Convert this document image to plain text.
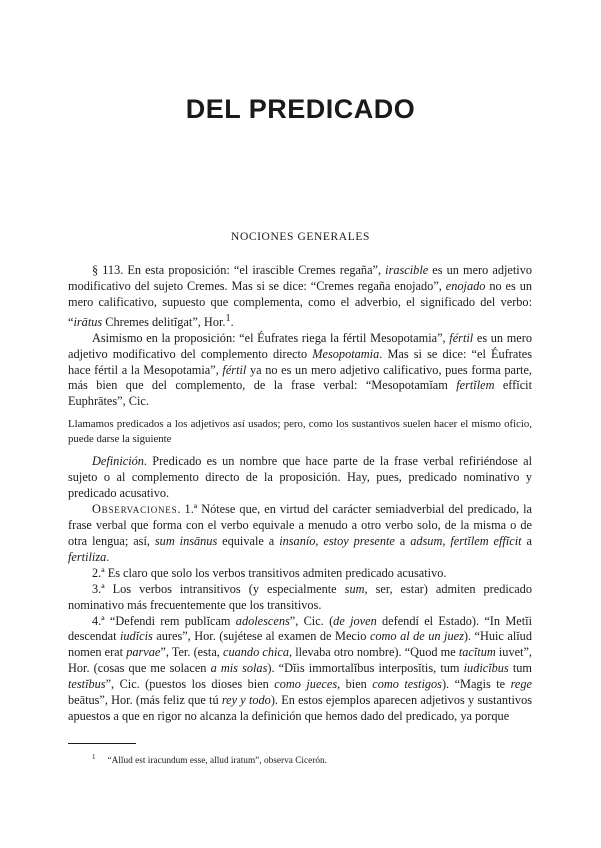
DEL PREDICADO
NOCIONES GENERALES

§ 113. En esta proposición: “el irascible Cremes regaña”, irascible es un mero adjetivo modificativo del sujeto Cremes. Mas si se dice: “Cremes regaña enojado”, enojado no es un mero calificativo, supuesto que complementa, como el adverbio, el significado del verbo: “irātus Chremes delitĭgat”, Hor.$^1$.

Asimismo en la proposición: “el Éufrates riega la fértil Mesopotamia”, fértil es un mero adjetivo modificativo del complemento directo Mesopotamia. Mas si se dice: “el Éufrates hace fértil a la Mesopotamia”, fértil ya no es un mero adjetivo calificativo, pues forma parte, más bien que del complemento, de la frase verbal: “Mesopotamĭam fertĭlem effĭcit Euphrātes”, Cic.

Llamamos predicados a los adjetivos así usados; pero, como los sustantivos suelen hacer el mismo oficio, puede darse la siguiente

Definición. Predicado es un nombre que hace parte de la frase verbal refiriéndose al sujeto o al complemento directo de la proposición. Hay, pues, predicado nominativo y predicado acusativo.

Observaciones. 1.ª Nótese que, en virtud del carácter semiadverbial del predicado, la frase verbal que forma con el verbo equivale a menudo a otro verbo solo, de la misma o de otra lengua; así, sum insānus equivale a insanío, estoy presente a adsum, fertĭlem effĭcit a fertiliza.

2.ª Es claro que solo los verbos transitivos admiten predicado acusativo.

3.ª Los verbos intransitivos (y especialmente sum, ser, estar) admiten predicado nominativo más frecuentemente que los transitivos.

4.ª “Defendi rem publĭcam adolescens”, Cic. (de joven defendí el Estado). “In Metĭi descendat iudĭcis aures”, Hor. (sujétese al examen de Mecio como al de un juez). “Huic alĭud nomen erat parvae”, Ter. (esta, cuando chica, llevaba otro nombre). “Quod me tacĭtum iuvet”, Hor. (cosas que me solacen a mis solas). “Dĭis immortalĭbus interposĭtis, tum iudicĭbus tum testĭbus”, Cic. (puestos los dioses bien como jueces, bien como testigos). “Magis te rege beātus”, Hor. (más feliz que tú rey y todo). En estos ejemplos aparecen adjetivos y sustantivos apuestos a que en rigor no alcanza la definición que hemos dado del predicado, ya porque

$^1$ “Alĭud est iracundum esse, alĭud iratum”, observa Cicerón.
